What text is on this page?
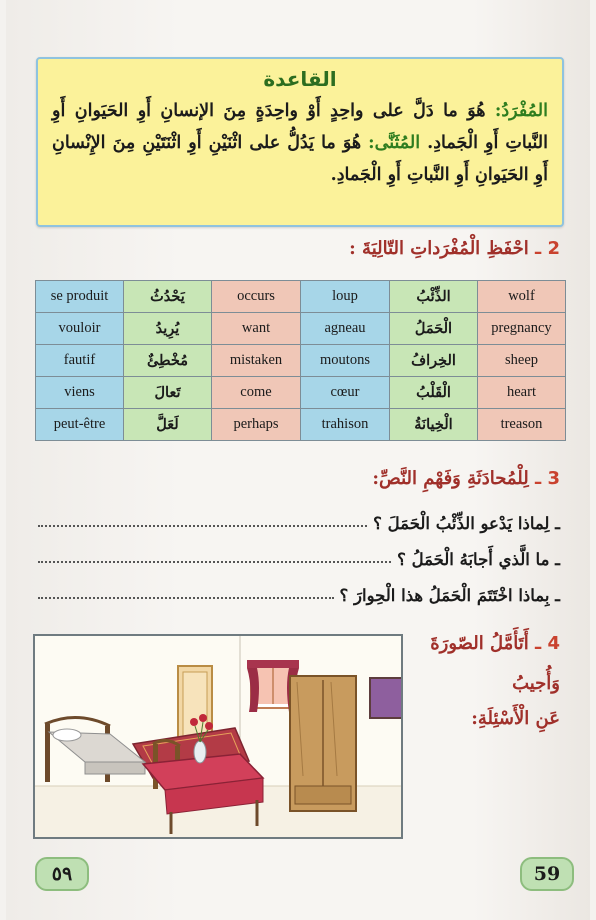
القاعدة

المُفْرَدُ: هُوَ ما دَلَّ على واحِدٍ أَوْ واحِدَةٍ مِنَ الإنسانِ أَوِ الحَيَوانِ أَوِ النَّباتِ أَوِ الْجَمادِ. المُثَنَّى: هُوَ ما يَدُلُّ على اثْنَيْنِ أَوِ اثْنَتَيْنِ مِنَ الإِنْسانِ أَوِ الحَيَوانِ أَوِ النَّباتِ أَوِ الْجَمادِ.

2 ـ احْفَظِ الْمُفْرَداتِ التّالِيَةَ :
se produit	يَحْدُثُ	occurs	loup	الذِّئْبُ	wolf
vouloir	يُرِيدُ	want	agneau	الْحَمَلُ	pregnancy
fautif	مُخْطِئٌ	mistaken	moutons	الخِرافُ	sheep
viens	تَعالَ	come	cœur	الْقَلْبُ	heart
peut-être	لَعَلَّ	perhaps	trahison	الْخِيانَةُ	treason
3 ـ لِلْمُحادَثَةِ وَفَهْمِ النَّصِّ:
ـ لِماذا يَدْعو الذِّئْبُ الْحَمَلَ ؟
ـ ما الَّذي أَجابَهُ الْحَمَلُ ؟
ـ بِماذا اخْتَتَمَ الْحَمَلُ هذا الْحِوارَ ؟
4 ـ أَتَأَمَّلُ الصّورَةَ
وَأُجيبُ
عَنِ الْأَسْئِلَةِ:
٥٩	59
